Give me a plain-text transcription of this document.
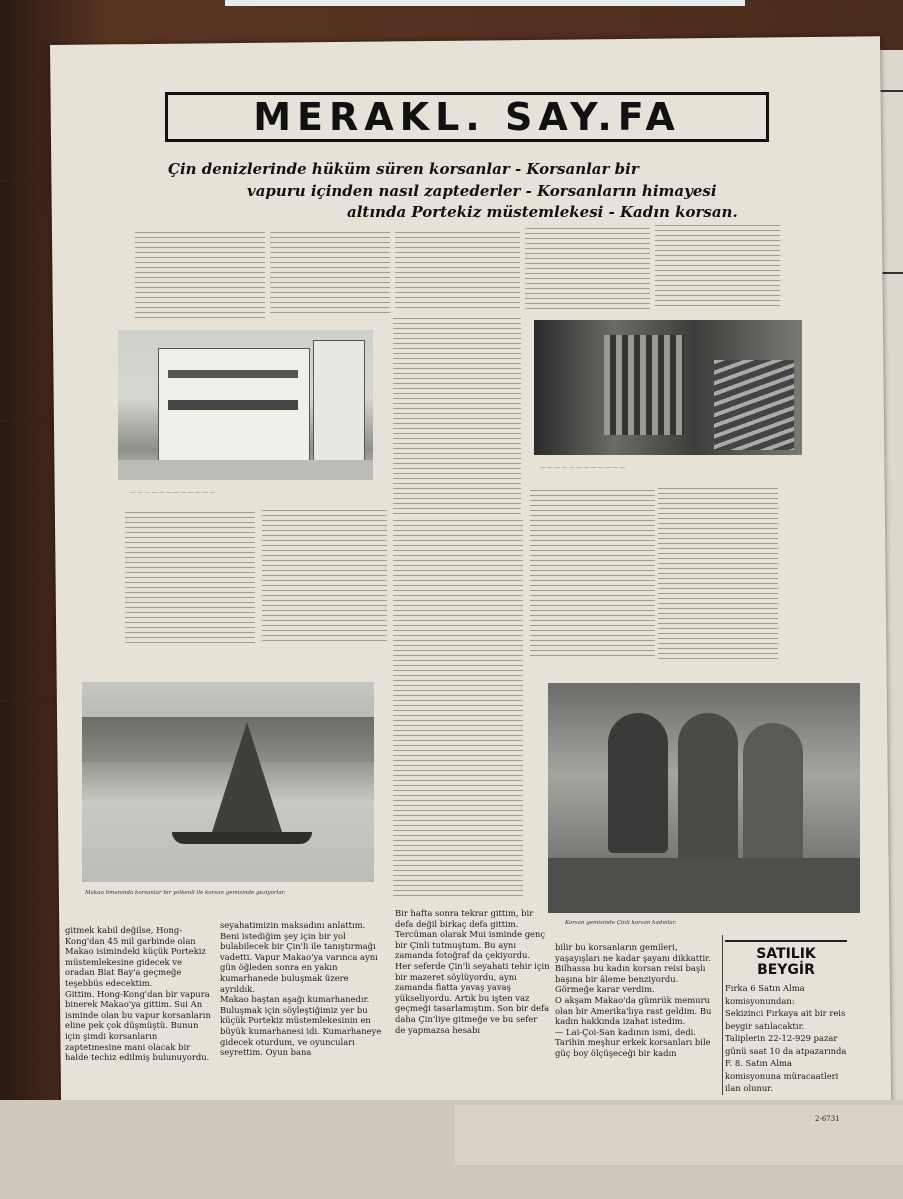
MERAKL. SAY.FA
Çin denizlerinde hüküm süren korsanlar - Korsanlar bir
vapuru içinden nasıl zaptederler - Korsanların himayesi
altında Portekiz müstemlekesi - Kadın korsan.
— — — — — — — — — — — —
— — — — — — — — — — — —
Makao limanında korsanlar bir yelkenli ile korsan gemisinde geziyorlar.
Korsan gemisinde Çinli korsan kadınlar.
gitmek kabil değilse, Hong-Kong'dan 45 mil garbinde olan Makao isimindeki küçük Portekiz müstemlekesine gidecek ve oradan Biat Bay'a geçmeğe teşebbüs edecektim.
Gittim. Hong-Kong'dan bir vapura binerek Makao'ya gittim. Sui An isminde olan bu vapur korsanların eline pek çok düşmüştü. Bunun için şimdi korsanların zaptetmesine mani olacak bir halde techiz edilmiş bulunuyordu.
seyahatimizin maksadını anlattım. Beni istediğim şey için bir yol bulabilecek bir Çin'li ile tanıştırmağı vadetti. Vapur Makao'ya varınca aynı gün öğleden sonra en yakın kumarhanede buluşmak üzere ayrıldık.
Makao baştan aşağı kumarhanedır. Buluşmak için söyleştiğimiz yer bu küçük Portekiz müstemlekesinin en büyük kumarhanesi idi. Kumarhaneye gidecek oturdum, ve oyuncuları seyrettim. Oyun bana
Bir hafta sonra tekrar gittim, bir defa değil birkaç defa gittim. Tercüman olarak Mui isminde genç bir Çinli tutmuştum. Bu aynı zamanda fotoğraf da çekiyordu.
Her seferde Çin'li seyahati tehir için bir mazeret söylüyordu, aynı zamanda fiatta yavaş yavaş yükseliyordu. Artık bu işten vaz geçmeği tasarlamıştım. Son bir defa daha Çin'liye gitmeğe ve bu sefer de yapmazsa hesabı
bilir bu korsanların gemileri, yaşayışları ne kadar şayanı dikkattir. Bilhassa bu kadın korsan reisi başlı başına bir âleme benziyordu. Görmeğe karar verdim.
O akşam Makao'da gümrük memuru olan bir Amerika'lıya rast geldim. Bu kadın hakkında izahat istedim.
— Lai-Çoi-San kadının ismi, dedi. Tarihin meşhur erkek korsanları bile güç boy ölçüşeceği bir kadın
SATILIK BEYGİR
Fırka 6 Satın Alma komisyonundan:
Sekizinci Fırkaya ait bir reis beygir satılacaktır. Taliplerin 22-12-929 pazar günü saat 10 da atpazarında F. 8. Satın Alma komisyonuna müracaatleri ilan olunur.
2-6731
